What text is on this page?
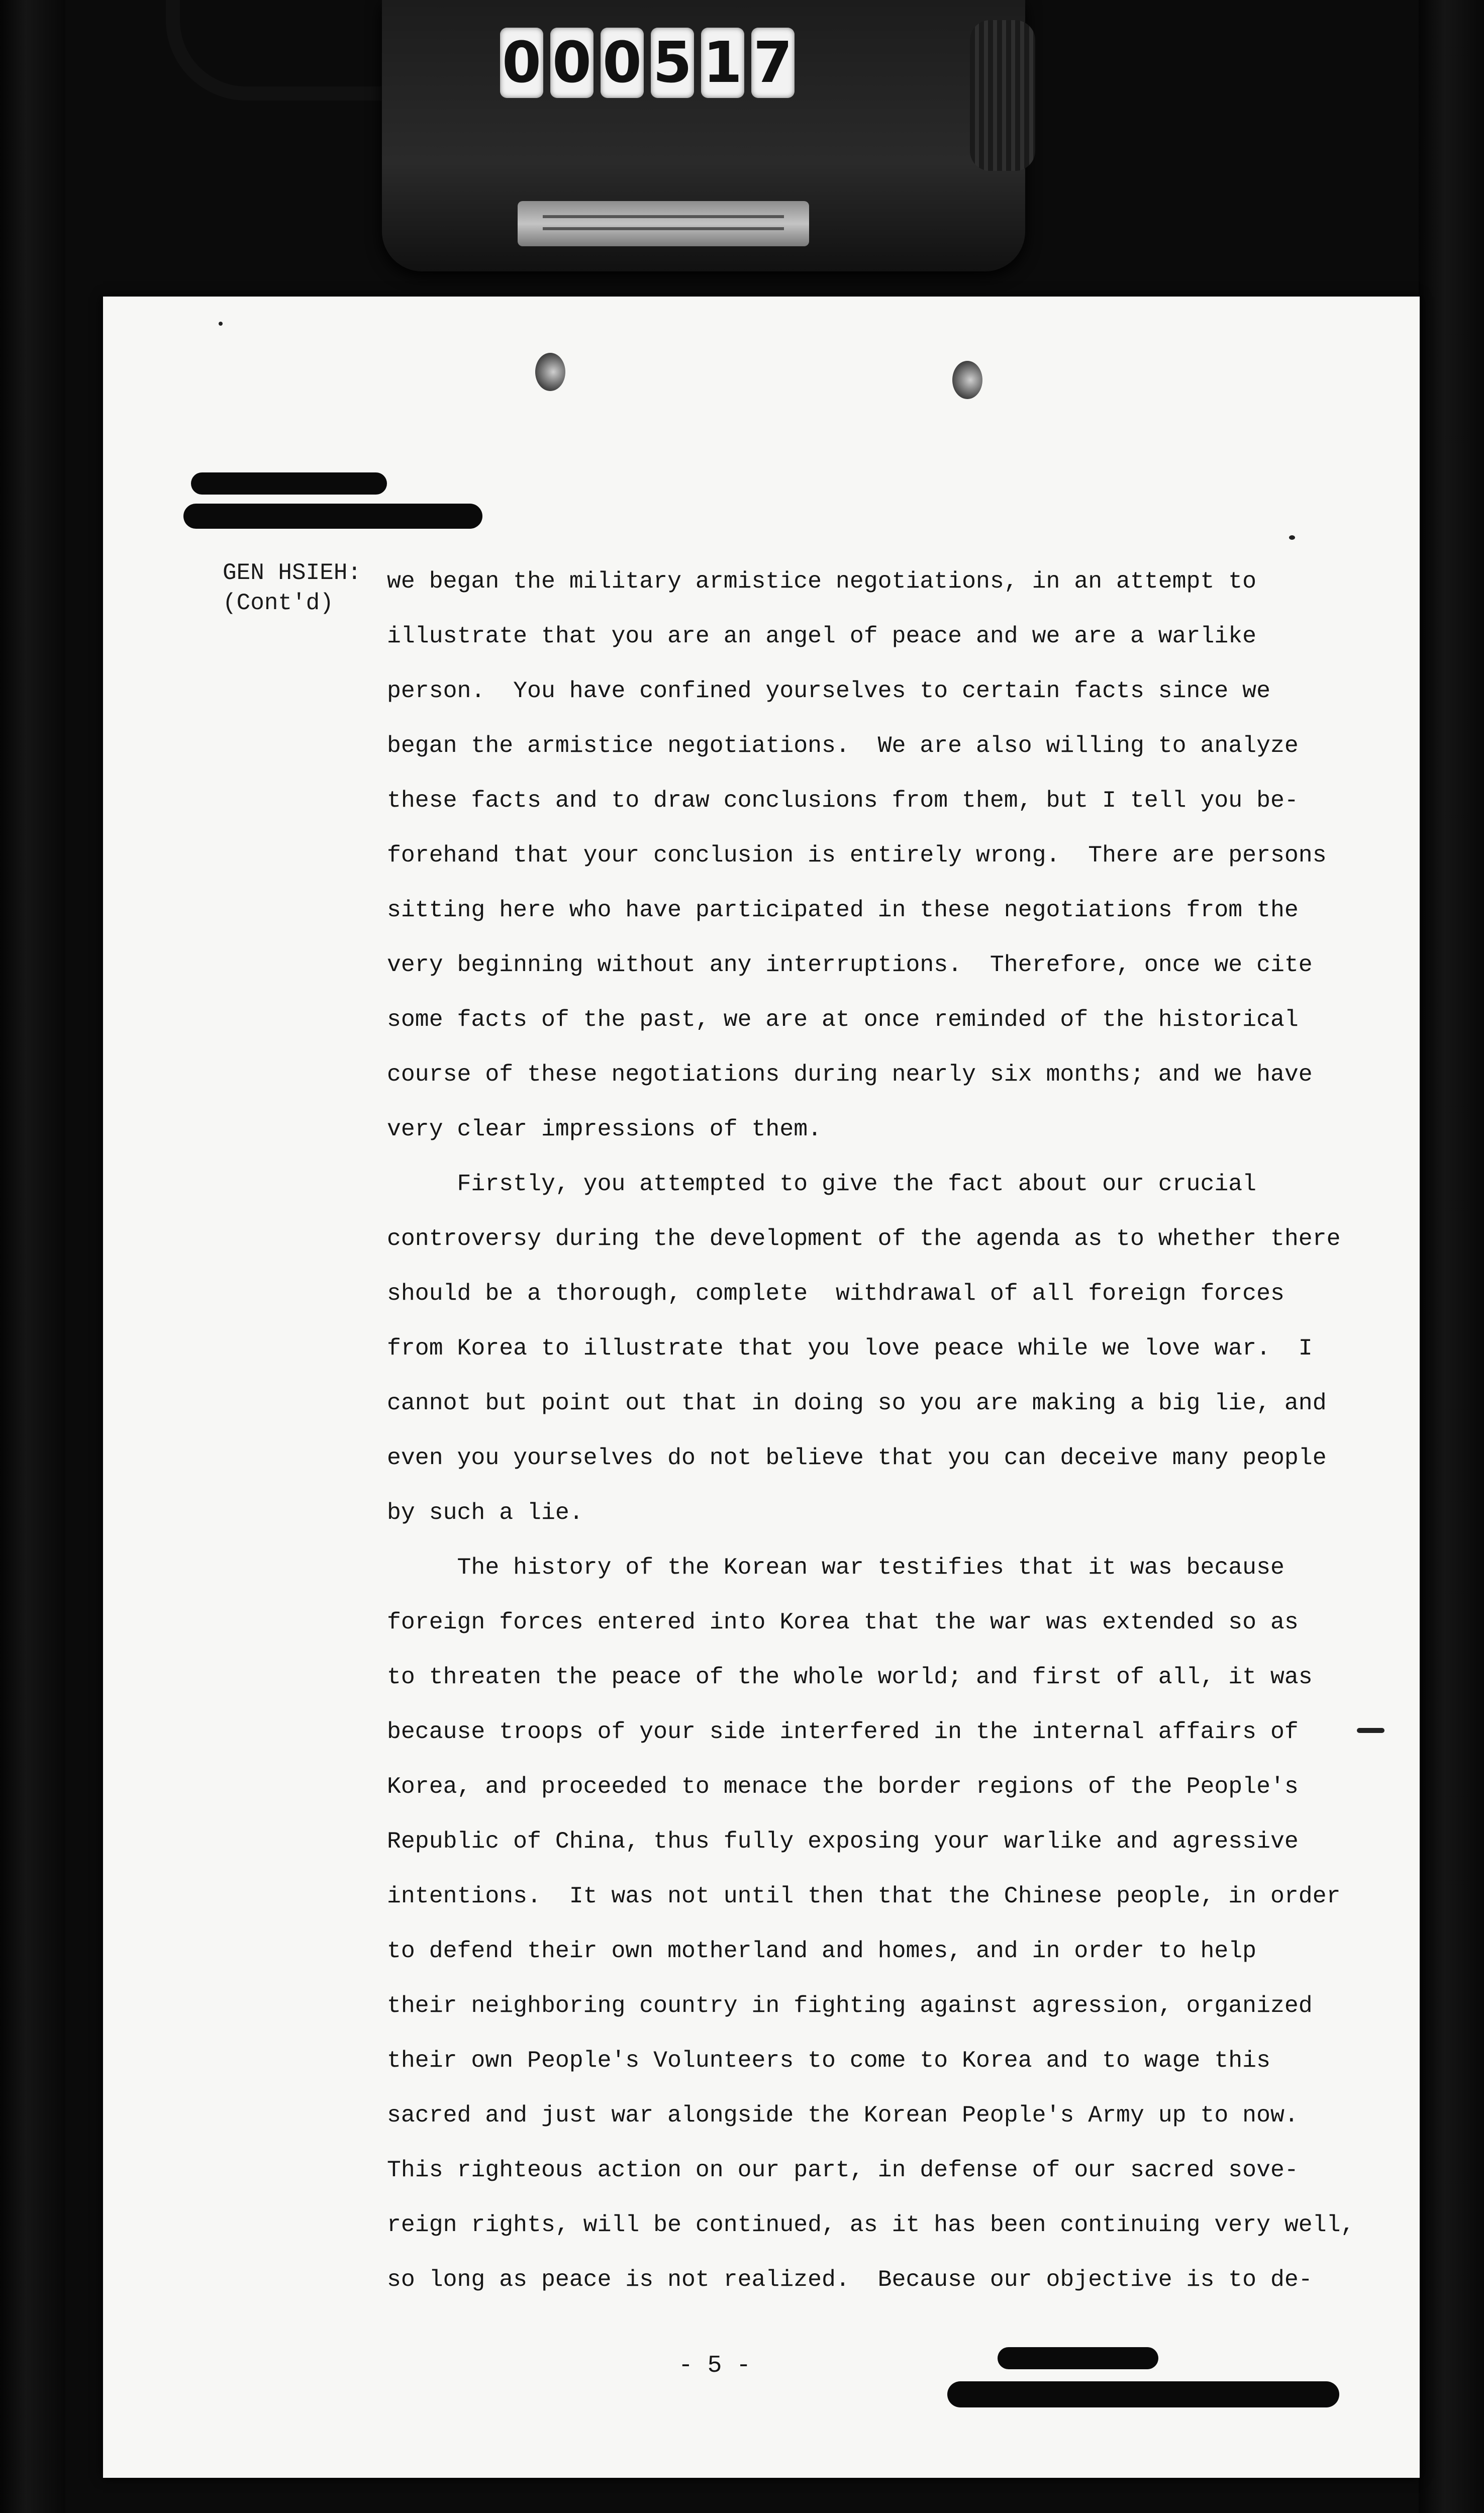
0 0 0 5 1 7
GEN HSIEH:
(Cont'd)
we began the military armistice negotiations, in an attempt to
illustrate that you are an angel of peace and we are a warlike
person.  You have confined yourselves to certain facts since we
began the armistice negotiations.  We are also willing to analyze
these facts and to draw conclusions from them, but I tell you be-
forehand that your conclusion is entirely wrong.  There are persons
sitting here who have participated in these negotiations from the
very beginning without any interruptions.  Therefore, once we cite
some facts of the past, we are at once reminded of the historical
course of these negotiations during nearly six months; and we have
very clear impressions of them.
Firstly, you attempted to give the fact about our crucial
controversy during the development of the agenda as to whether there
should be a thorough, complete  withdrawal of all foreign forces
from Korea to illustrate that you love peace while we love war.  I
cannot but point out that in doing so you are making a big lie, and
even you yourselves do not believe that you can deceive many people
by such a lie.
The history of the Korean war testifies that it was because
foreign forces entered into Korea that the war was extended so as
to threaten the peace of the whole world; and first of all, it was
because troops of your side interfered in the internal affairs of
Korea, and proceeded to menace the border regions of the People's
Republic of China, thus fully exposing your warlike and agressive
intentions.  It was not until then that the Chinese people, in order
to defend their own motherland and homes, and in order to help
their neighboring country in fighting against agression, organized
their own People's Volunteers to come to Korea and to wage this
sacred and just war alongside the Korean People's Army up to now.
This righteous action on our part, in defense of our sacred sove-
reign rights, will be continued, as it has been continuing very well,
so long as peace is not realized.  Because our objective is to de-
- 5 -
